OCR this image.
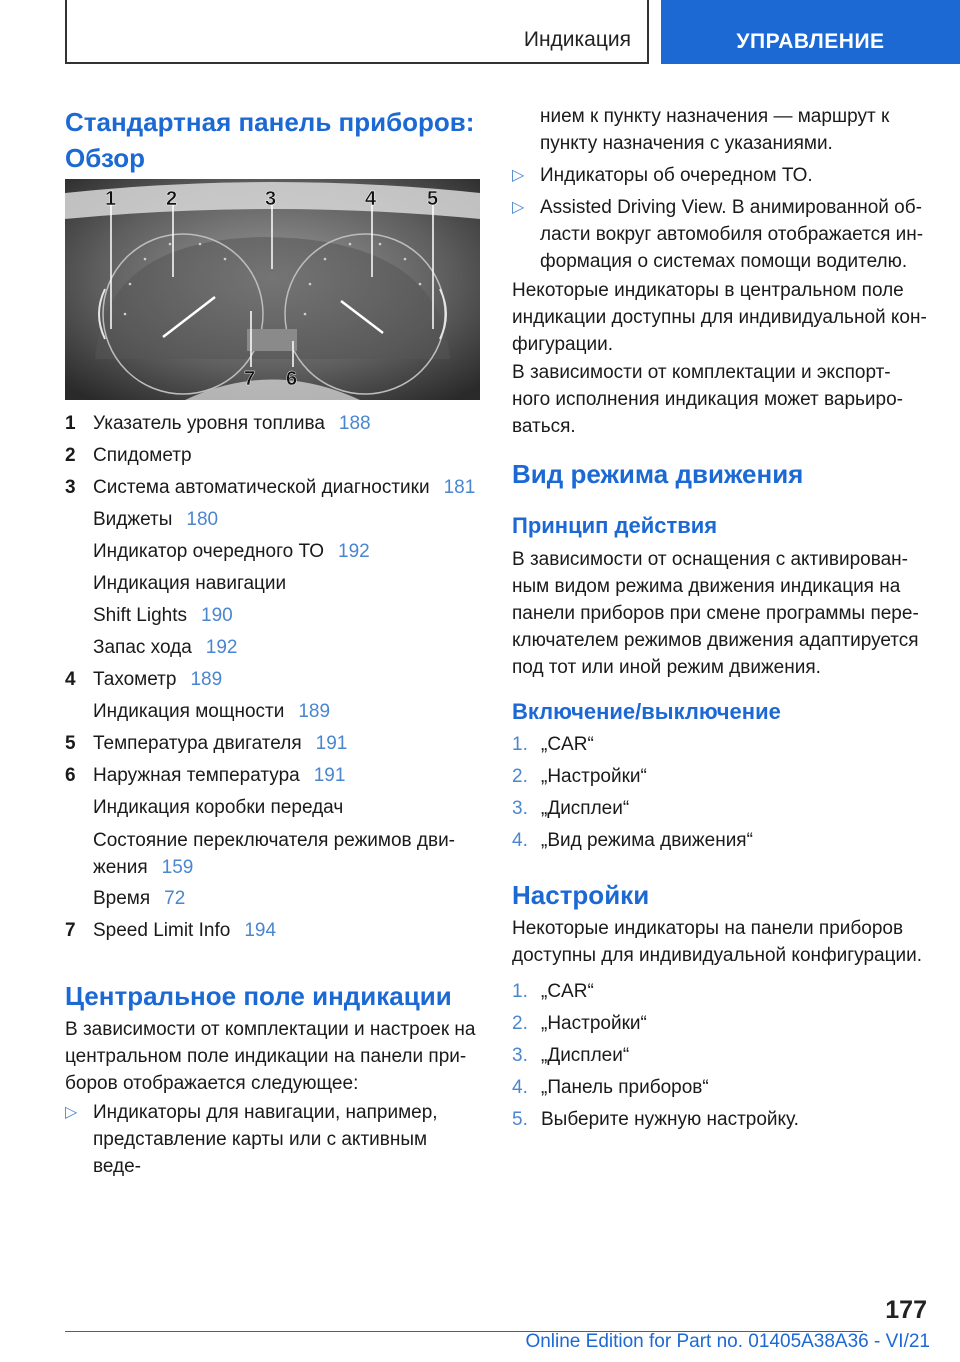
Индикация	УПРАВЛЕНИЕ
Стандартная панель приборов:
Обзор
1 2	3	4	5
7 6
1 Указатель уровня топлива 188
2 Спидометр
3 Система автоматической диагностики 181
Виджеты 180
Индикатор очередного ТО 192
Индикация навигации
Shift Lights 190
Запас хода 192
4 Тахометр 189
Индикация мощности 189
5 Температура двигателя 191
6 Наружная температура 191
Индикация коробки передач
Состояние переключателя режимов дви-
жения 159
Время 72
7 Speed Limit Info 194
Центральное поле индикации

В зависимости от комплектации и настроек на

центральном поле индикации на панели при-

боров отображается следующее:

▷ Индикаторы для навигации, например,
представление карты или с активным веде-

нием к пункту назначения — маршрут к

пункту назначения с указаниями.

▷ Индикаторы об очередном ТО.
▷ Assisted Driving View. В анимированной об-
ласти вокруг автомобиля отображается ин-
формация о системах помощи водителю.

Некоторые индикаторы в центральном поле

индикации доступны для индивидуальной кон-

фигурации.

В зависимости от комплектации и экспорт-

ного исполнения индикация может варьиро-

ваться.

Вид режима движения
Принцип действия

В зависимости от оснащения с активирован-

ным видом режима движения индикация на

панели приборов при смене программы пере-

ключателем режимов движения адаптируется

под тот или иной режим движения.

Включение/выключение
1. „CAR“
2. „Настройки“
3. „Дисплеи“
4. „Вид режима движения“
Настройки

Некоторые индикаторы на панели приборов

доступны для индивидуальной конфигурации.

1. „CAR“
2. „Настройки“
3. „Дисплеи“
4. „Панель приборов“
5. Выберите нужную настройку.
177
Online Edition for Part no. 01405A38A36 - VI/21
